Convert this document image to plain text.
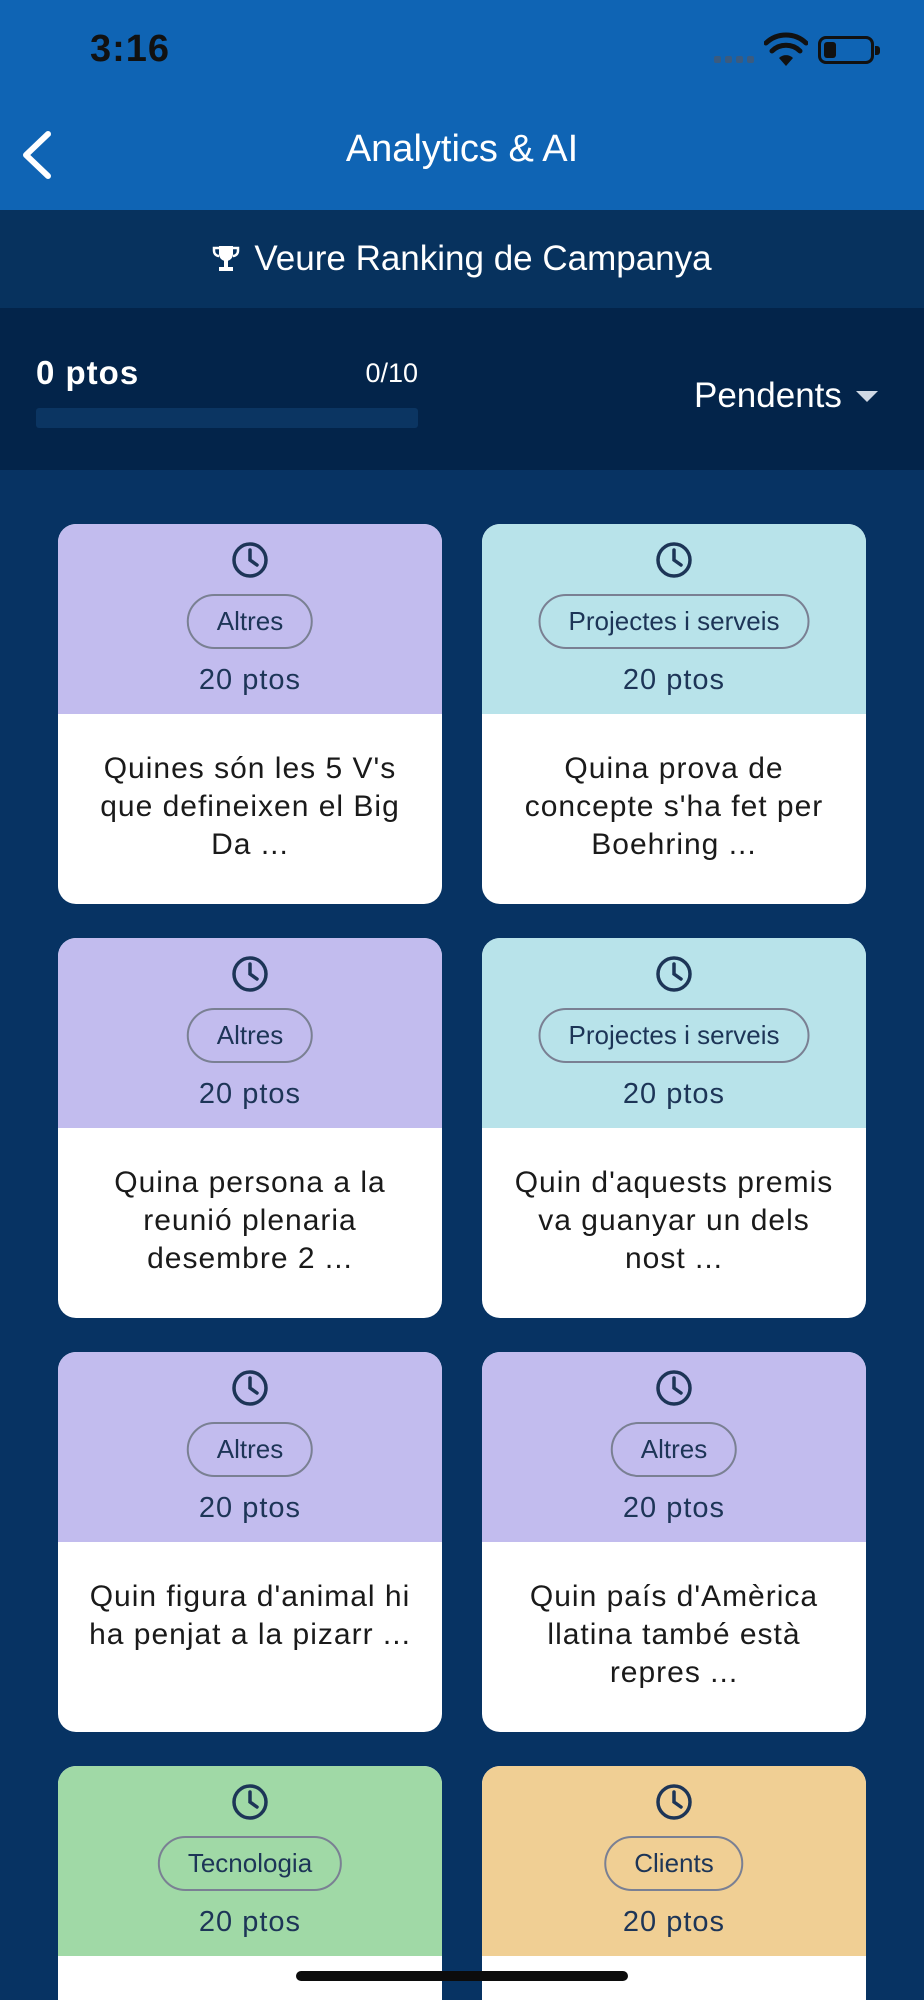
3:16
Analytics & AI
Veure Ranking de Campanya
0 ptos	0/10
Pendents
Altres
20 ptos
Quines són les 5 V's que defineixen el Big Da ...
Projectes i serveis
20 ptos
Quina prova de concepte s'ha fet per Boehring ...
Altres
20 ptos
Quina persona a la reunió plenaria desembre 2 ...
Projectes i serveis
20 ptos
Quin d'aquests premis va guanyar un dels nost ...
Altres
20 ptos
Quin figura d'animal hi ha penjat a la pizarr ...
Altres
20 ptos
Quin país d'Amèrica llatina també està repres ...
Tecnologia
20 ptos
Clients
20 ptos
